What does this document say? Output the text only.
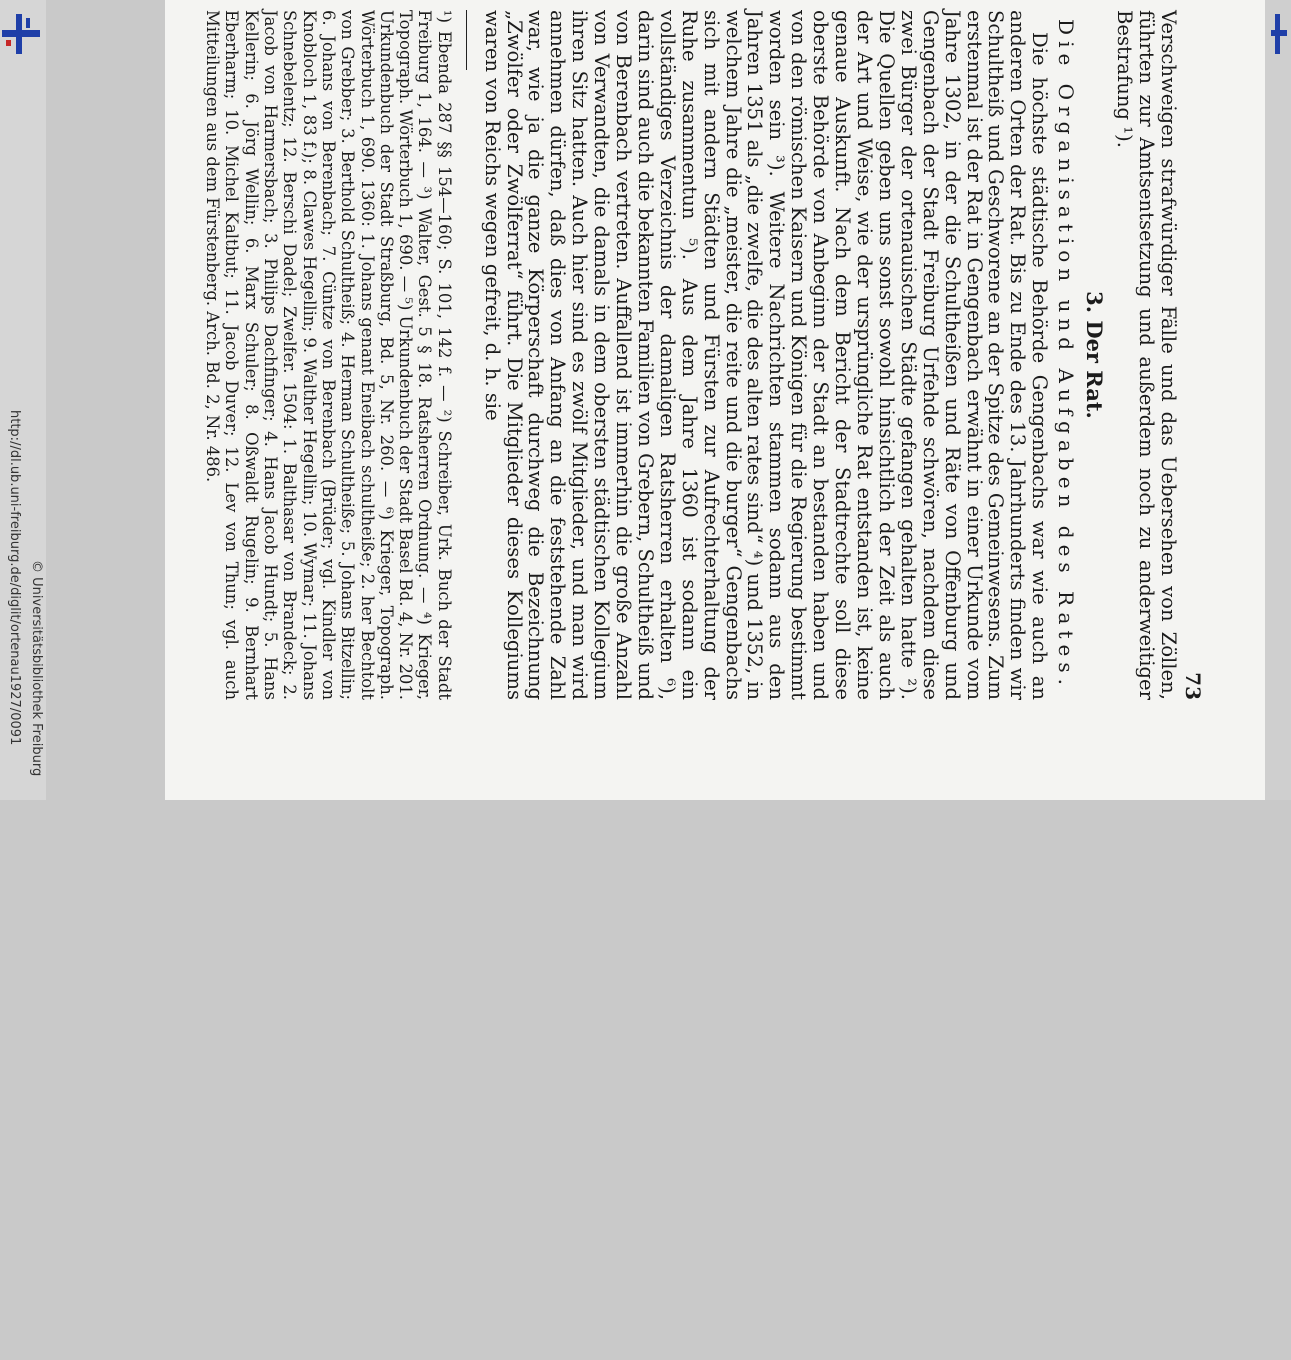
http://dl.ub.uni-freiburg.de/diglit/ortenau1927/0091 © Universitätsbibliothek Freiburg	73

Verschweigen strafwürdiger Fälle und das Uebersehen von Zöllen, führten zur Amtsentsetzung und außerdem noch zu anderweitiger Bestrafung ¹).

3. Der Rat.
Die Organisation und Aufgaben des Rates.

Die höchste städtische Behörde Gengenbachs war wie auch an anderen Orten der Rat. Bis zu Ende des 13. Jahrhunderts finden wir Schultheiß und Geschworene an der Spitze des Gemeinwesens. Zum erstenmal ist der Rat in Gengenbach erwähnt in einer Urkunde vom Jahre 1302, in der die Schultheißen und Räte von Offenburg und Gengenbach der Stadt Freiburg Urfehde schwören, nachdem diese zwei Bürger der ortenauischen Städte gefangen gehalten hatte ²). Die Quellen geben uns sonst sowohl hinsichtlich der Zeit als auch der Art und Weise, wie der ursprüngliche Rat entstanden ist, keine genaue Auskunft. Nach dem Bericht der Stadtrechte soll diese oberste Behörde von Anbeginn der Stadt an bestanden haben und von den römischen Kaisern und Königen für die Regierung bestimmt worden sein ³). Weitere Nachrichten stammen sodann aus den Jahren 1351 als „die zwelfe, die des alten rates sind“ ⁴) und 1352, in welchem Jahre die „meister, die reite und die burger“ Gengenbachs sich mit andern Städten und Fürsten zur Aufrechterhaltung der Ruhe zusammentun ⁵). Aus dem Jahre 1360 ist sodann ein vollständiges Verzeichnis der damaligen Ratsherren erhalten ⁶), darin sind auch die bekannten Familien von Grebern, Schultheiß und von Berenbach vertreten. Auffallend ist immerhin die große Anzahl von Verwandten, die damals in dem obersten städtischen Kollegium ihren Sitz hatten. Auch hier sind es zwölf Mitglieder, und man wird annehmen dürfen, daß dies von Anfang an die feststehende Zahl war, wie ja die ganze Körperschaft durchweg die Bezeichnung „Zwölfer oder Zwölferrat“ führt. Die Mitglieder dieses Kollegiums waren von Reichs wegen gefreit, d. h. sie

¹) Ebenda 287 §§ 154—160; S. 101, 142 f. — ²) Schreiber, Urk. Buch der Stadt Freiburg 1, 164. — ³) Walter, Gest. 5 § 18. Ratsherren Ordnung. — ⁴) Krieger, Topograph. Wörterbuch 1, 690. — ⁵) Urkundenbuch der Stadt Basel Bd. 4, Nr. 201. Urkundenbuch der Stadt Straßburg, Bd. 5, Nr. 260. — ⁶) Krieger, Topograph. Wörterbuch 1, 690. 1360: 1. Johans genant Eneibach schultheiße; 2. her Bechtolt von Grebber; 3. Berthold Schultheiß; 4. Herman Schultheiße; 5. Johans Bitzellin; 6. Johans von Berenbach; 7. Cüntze von Berenbach (Brüder; vgl. Kindler von Knobloch 1, 83 f.); 8. Clawes Hegellin; 9. Walther Hegellin; 10. Wymar; 11. Johans Schnebelentz; 12. Berschi Dadel; Zwelfer. 1504: 1. Balthasar von Brandeck; 2. Jacob von Harmersbach; 3. Philips Dachfinger; 4. Hans Jacob Hundt; 5. Hans Kellerin; 6. Jörg Wellin; 6. Marx Schuler; 8. Oßwaldt Rugelin; 9. Bernhart Eberharm; 10. Michel Kaltbut; 11. Jacob Duver; 12. Lev von Thun; vgl. auch Mitteilungen aus dem Fürstenberg. Arch. Bd. 2, Nr. 486.
